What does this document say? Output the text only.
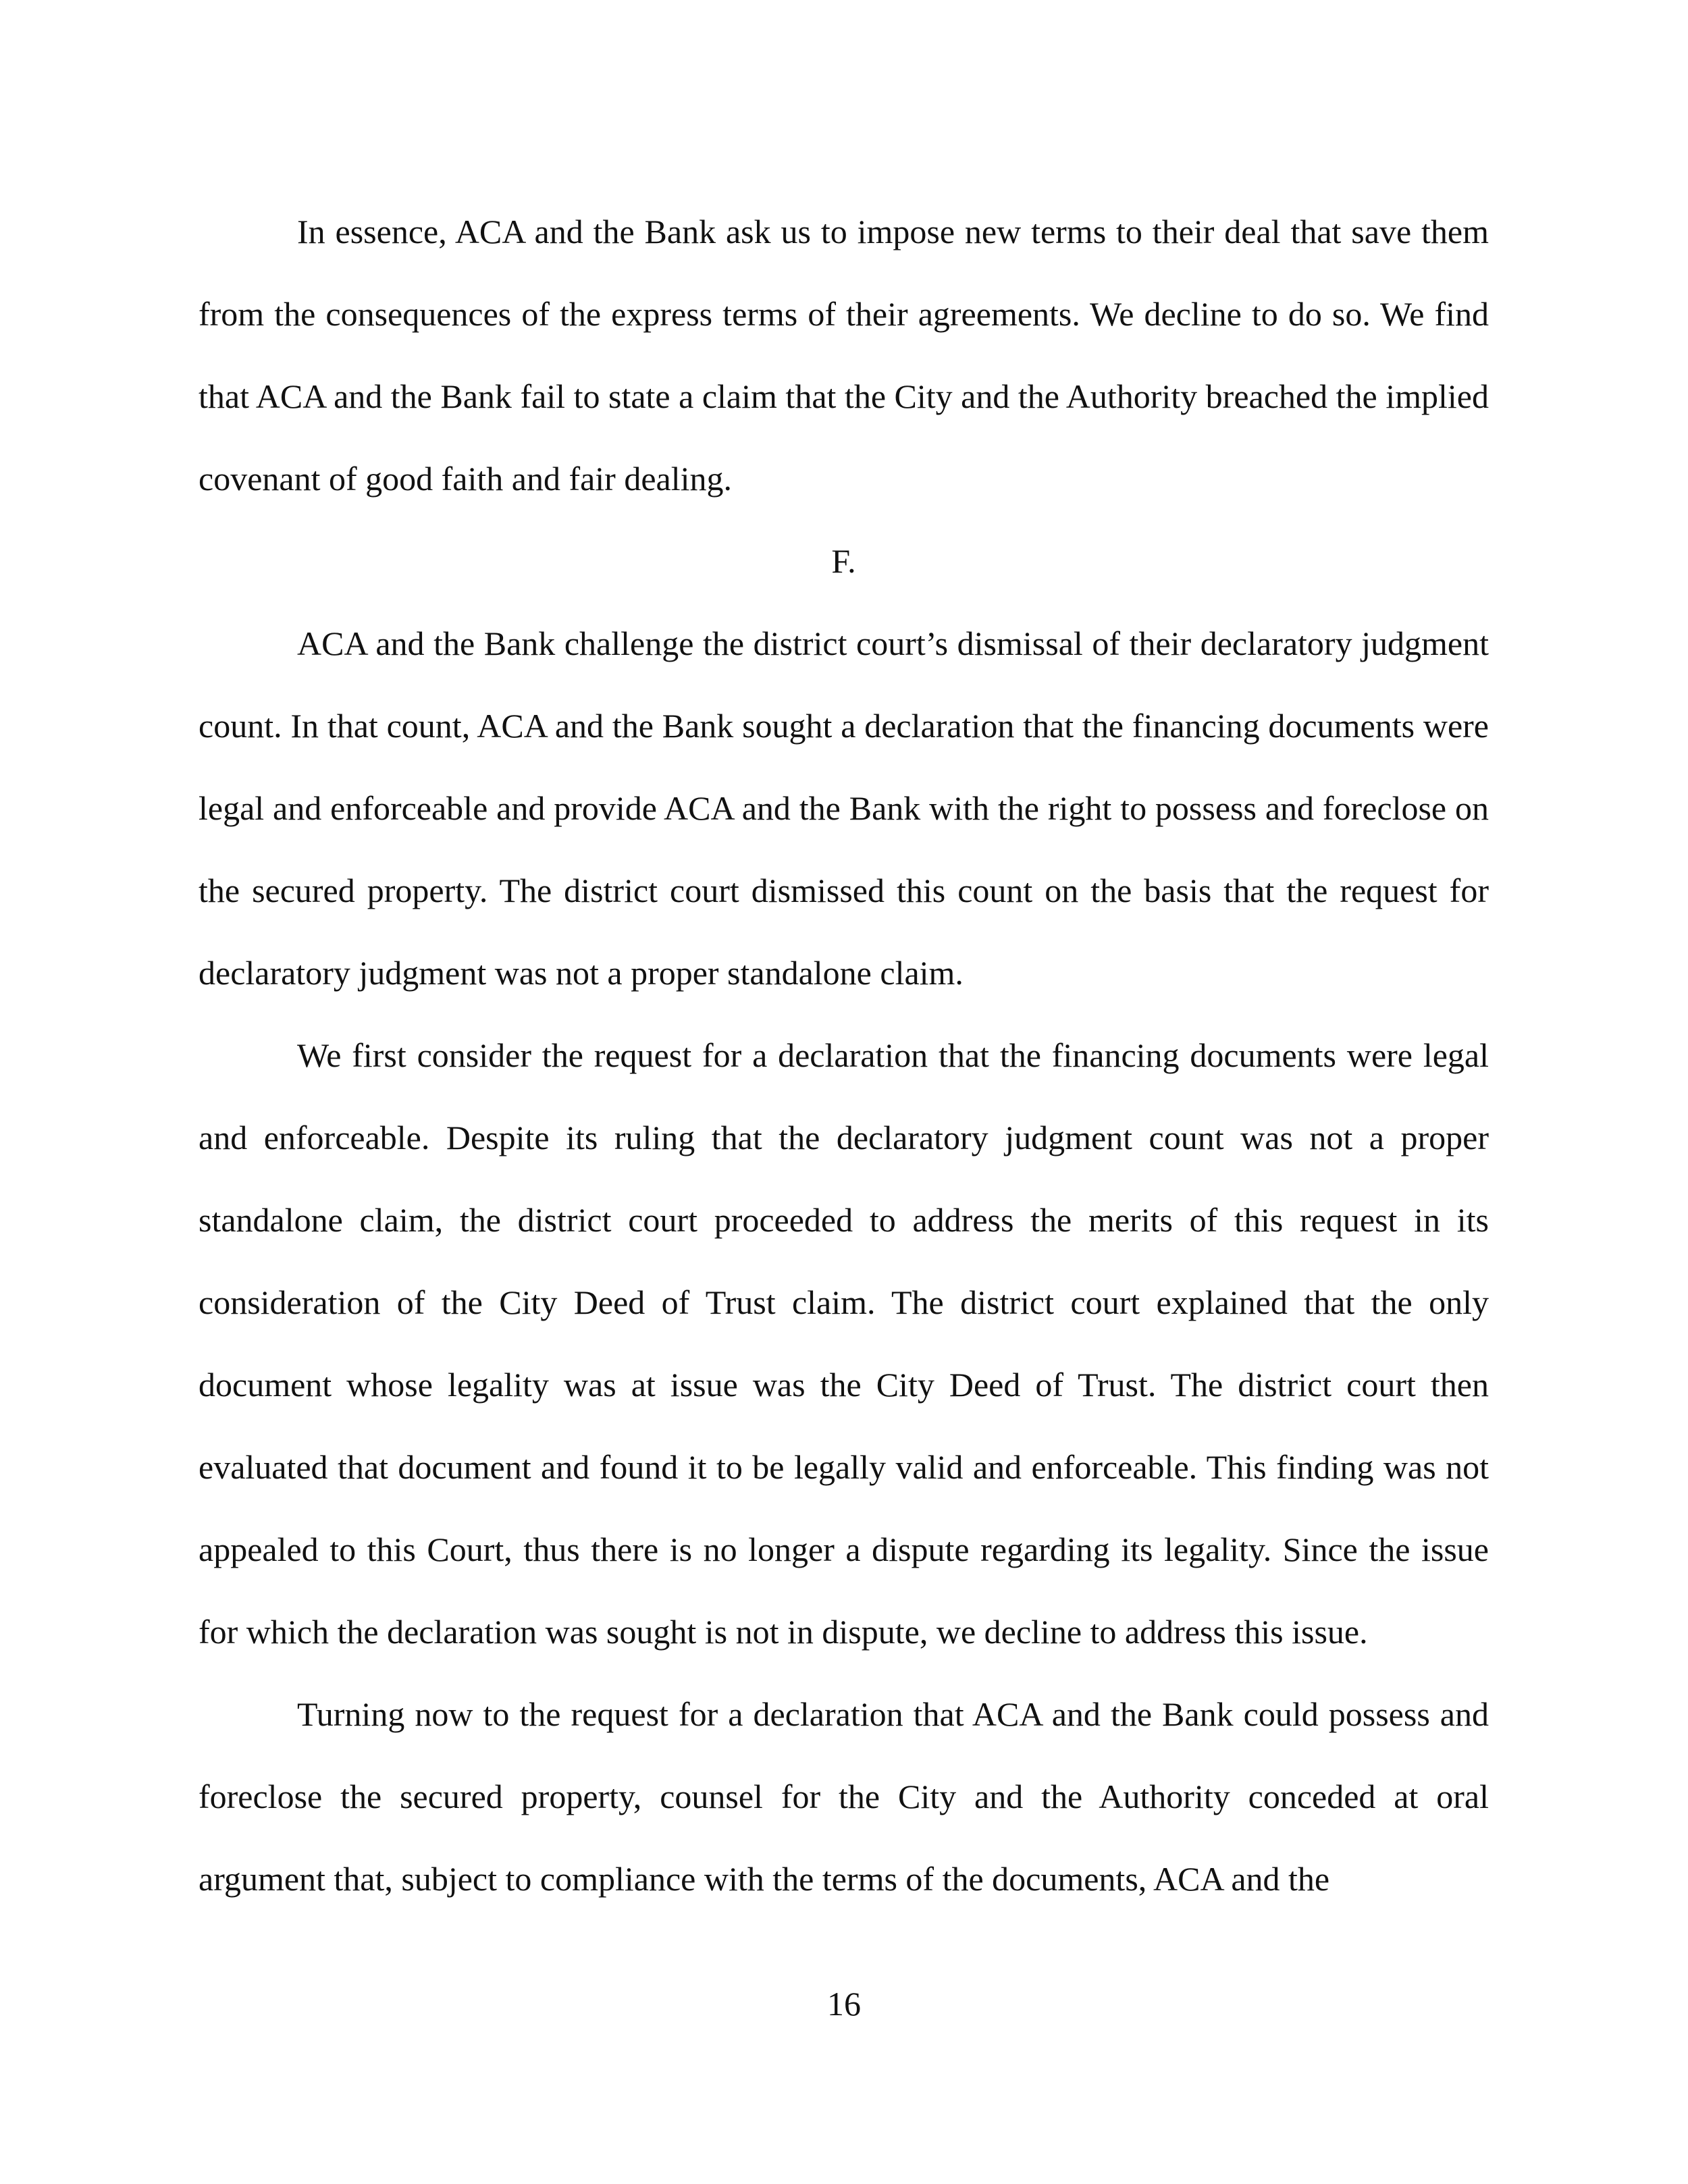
In essence, ACA and the Bank ask us to impose new terms to their deal that save them from the consequences of the express terms of their agreements. We decline to do so. We find that ACA and the Bank fail to state a claim that the City and the Authority breached the implied covenant of good faith and fair dealing.

F.

ACA and the Bank challenge the district court’s dismissal of their declaratory judgment count. In that count, ACA and the Bank sought a declaration that the financing documents were legal and enforceable and provide ACA and the Bank with the right to possess and foreclose on the secured property. The district court dismissed this count on the basis that the request for declaratory judgment was not a proper standalone claim.

We first consider the request for a declaration that the financing documents were legal and enforceable. Despite its ruling that the declaratory judgment count was not a proper standalone claim, the district court proceeded to address the merits of this request in its consideration of the City Deed of Trust claim. The district court explained that the only document whose legality was at issue was the City Deed of Trust. The district court then evaluated that document and found it to be legally valid and enforceable. This finding was not appealed to this Court, thus there is no longer a dispute regarding its legality. Since the issue for which the declaration was sought is not in dispute, we decline to address this issue.

Turning now to the request for a declaration that ACA and the Bank could possess and foreclose the secured property, counsel for the City and the Authority conceded at oral argument that, subject to compliance with the terms of the documents, ACA and the

16
